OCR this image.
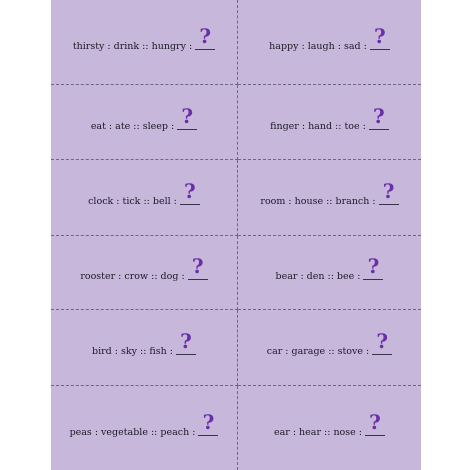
thirsty : drink :: hungry : ?	happy : laugh : sad : ?
eat : ate :: sleep : ?	finger : hand :: toe : ?
clock : tick :: bell : ?	room : house :: branch : ?
rooster : crow :: dog : ?	bear : den :: bee : ?
bird : sky :: fish : ?	car : garage :: stove : ?
peas : vegetable :: peach : ?	ear : hear :: nose : ?
